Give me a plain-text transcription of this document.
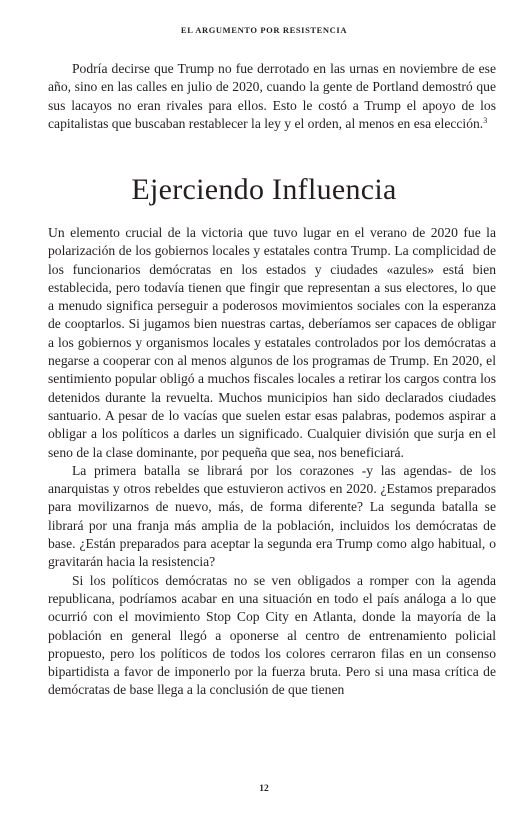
EL ARGUMENTO POR RESISTENCIA

Podría decirse que Trump no fue derrotado en las urnas en noviembre de ese año, sino en las calles en julio de 2020, cuando la gente de Portland demostró que sus lacayos no eran rivales para ellos. Esto le costó a Trump el apoyo de los capitalistas que buscaban restablecer la ley y el orden, al menos en esa elección.$^3$

Ejerciendo Influencia

Un elemento crucial de la victoria que tuvo lugar en el verano de 2020 fue la polarización de los gobiernos locales y estatales contra Trump. La complicidad de los funcionarios demócratas en los estados y ciudades «azules» está bien establecida, pero todavía tienen que fingir que representan a sus electores, lo que a menudo significa perseguir a poderosos movimientos sociales con la esperanza de cooptarlos. Si jugamos bien nuestras cartas, deberíamos ser capaces de obligar a los gobiernos y organismos locales y estatales controlados por los demócratas a negarse a cooperar con al menos algunos de los programas de Trump. En 2020, el sentimiento popular obligó a muchos fiscales locales a retirar los cargos contra los detenidos durante la revuelta. Muchos municipios han sido declarados ciudades santuario. A pesar de lo vacías que suelen estar esas palabras, podemos aspirar a obligar a los políticos a darles un significado. Cualquier división que surja en el seno de la clase dominante, por pequeña que sea, nos beneficiará.

La primera batalla se librará por los corazones -y las agendas- de los anarquistas y otros rebeldes que estuvieron activos en 2020. ¿Estamos preparados para movilizarnos de nuevo, más, de forma diferente? La segunda batalla se librará por una franja más amplia de la población, incluidos los demócratas de base. ¿Están preparados para aceptar la segunda era Trump como algo habitual, o gravitarán hacia la resistencia?

Si los políticos demócratas no se ven obligados a romper con la agenda republicana, podríamos acabar en una situación en todo el país análoga a lo que ocurrió con el movimiento Stop Cop City en Atlanta, donde la mayoría de la población en general llegó a oponerse al centro de entrenamiento policial propuesto, pero los políticos de todos los colores cerraron filas en un consenso bipartidista a favor de imponerlo por la fuerza bruta. Pero si una masa crítica de demócratas de base llega a la conclusión de que tienen

12
